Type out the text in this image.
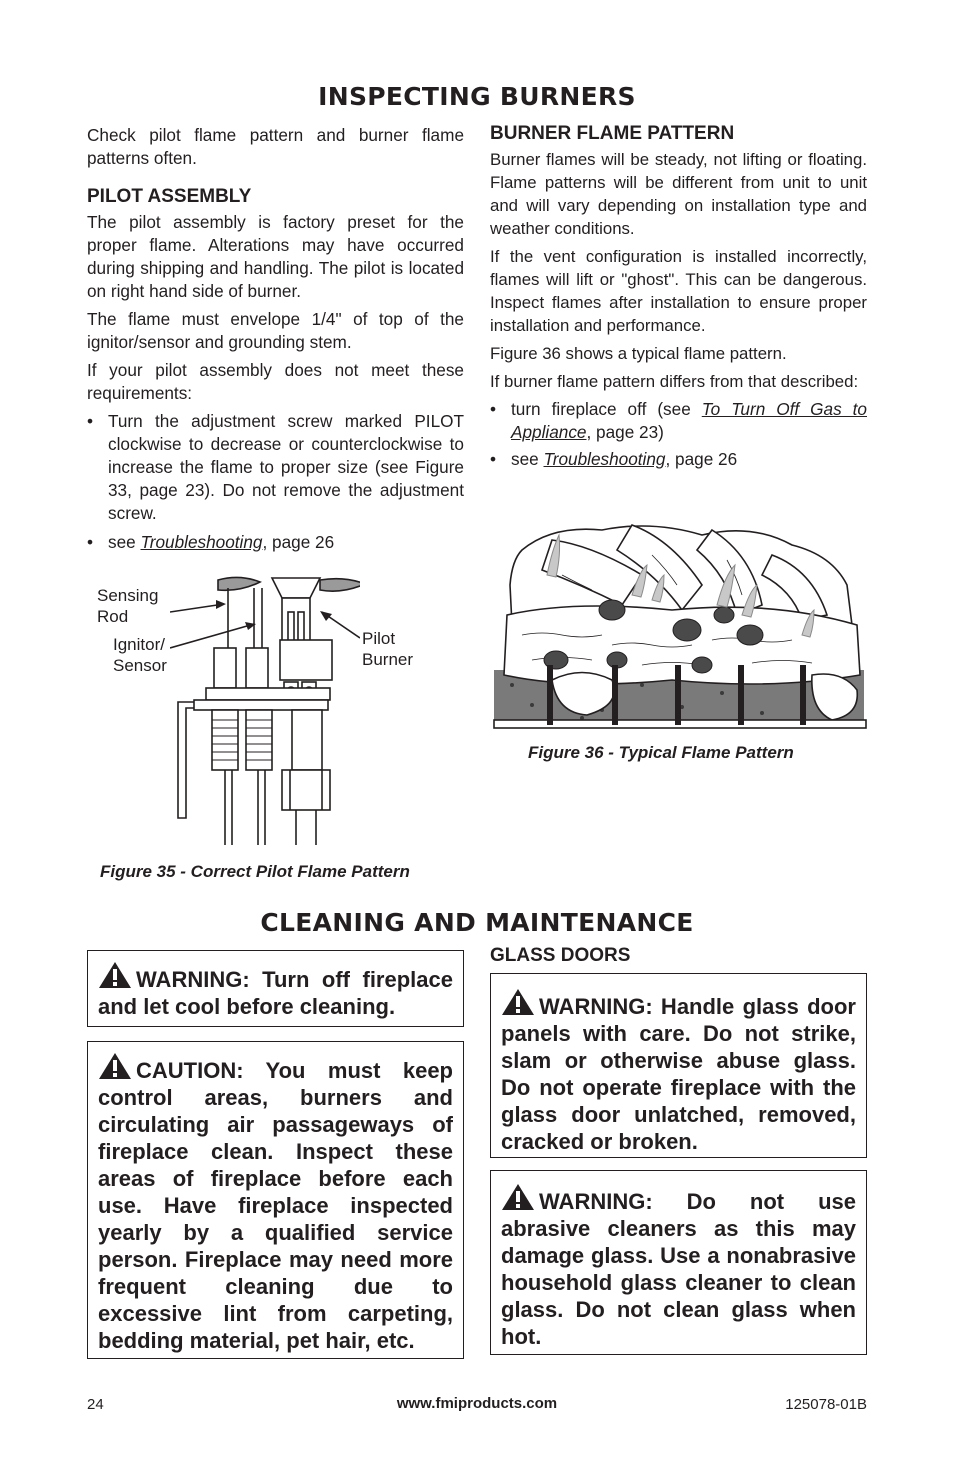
INSPECTING BURNERS

Check pilot flame pattern and burner flame patterns often.

PILOT ASSEMBLY

The pilot assembly is factory preset for the proper flame. Alterations may have occurred during shipping and handling. The pilot is located on right hand side of burner.

The flame must envelope 1/4" of top of the ignitor/sensor and grounding stem.

If your pilot assembly does not meet these requirements:

• Turn the adjustment screw marked PILOT clockwise to decrease or counterclockwise to increase the flame to proper size (see Figure 33, page 23). Do not remove the adjustment screw.
• see Troubleshooting, page 26
BURNER FLAME PATTERN

Burner flames will be steady, not lifting or floating. Flame patterns will be different from unit to unit and will vary depending on installation type and weather conditions.

If the vent configuration is installed incorrectly, flames will lift or "ghost". This can be dangerous. Inspect flames after installation to ensure proper installation and performance.

Figure 36 shows a typical flame pattern.

If burner flame pattern differs from that described:

• turn fireplace off (see To Turn Off Gas to Appliance, page 23)
• see Troubleshooting, page 26
Sensing
Rod
Ignitor/
Sensor
Pilot
Burner

Figure 35 - Correct Pilot Flame Pattern

Figure 36 - Typical Flame Pattern

CLEANING AND MAINTENANCE
WARNING: Turn off fireplace and let cool before cleaning.
CAUTION: You must keep control areas, burners and circulating air passageways of fireplace clean. Inspect these areas of fireplace before each use. Have fireplace inspected yearly by a qualified service person. Fireplace may need more frequent cleaning due to excessive lint from carpeting, bedding material, pet hair, etc.
GLASS DOORS
WARNING: Handle glass door panels with care. Do not strike, slam or otherwise abuse glass. Do not operate fireplace with the glass door unlatched, removed, cracked or broken.
WARNING: Do not use abrasive cleaners as this may damage glass. Use a nonabrasive household glass cleaner to clean glass. Do not clean glass when hot.
24	www.fmiproducts.com	125078-01B
